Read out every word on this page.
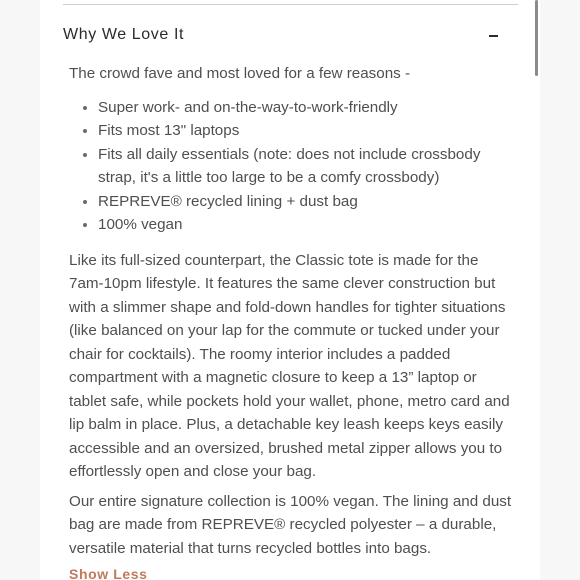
Why We Love It

The crowd fave and most loved for a few reasons -

• Super work- and on-the-way-to-work-friendly
• Fits most 13" laptops
• Fits all daily essentials (note: does not include crossbody strap, it's a little too large to be a comfy crossbody)
• REPREVE® recycled lining + dust bag
• 100% vegan

Like its full-sized counterpart, the Classic tote is made for the 7am-10pm lifestyle. It features the same clever construction but with a slimmer shape and fold-down handles for tighter situations (like balanced on your lap for the commute or tucked under your chair for cocktails). The roomy interior includes a padded compartment with a magnetic closure to keep a 13” laptop or tablet safe, while pockets hold your wallet, phone, metro card and lip balm in place. Plus, a detachable key leash keeps keys easily accessible and an oversized, brushed metal zipper allows you to effortlessly open and close your bag.

Our entire signature collection is 100% vegan. The lining and dust bag are made from REPREVE® recycled polyester – a durable, versatile material that turns recycled bottles into bags.

Show Less
